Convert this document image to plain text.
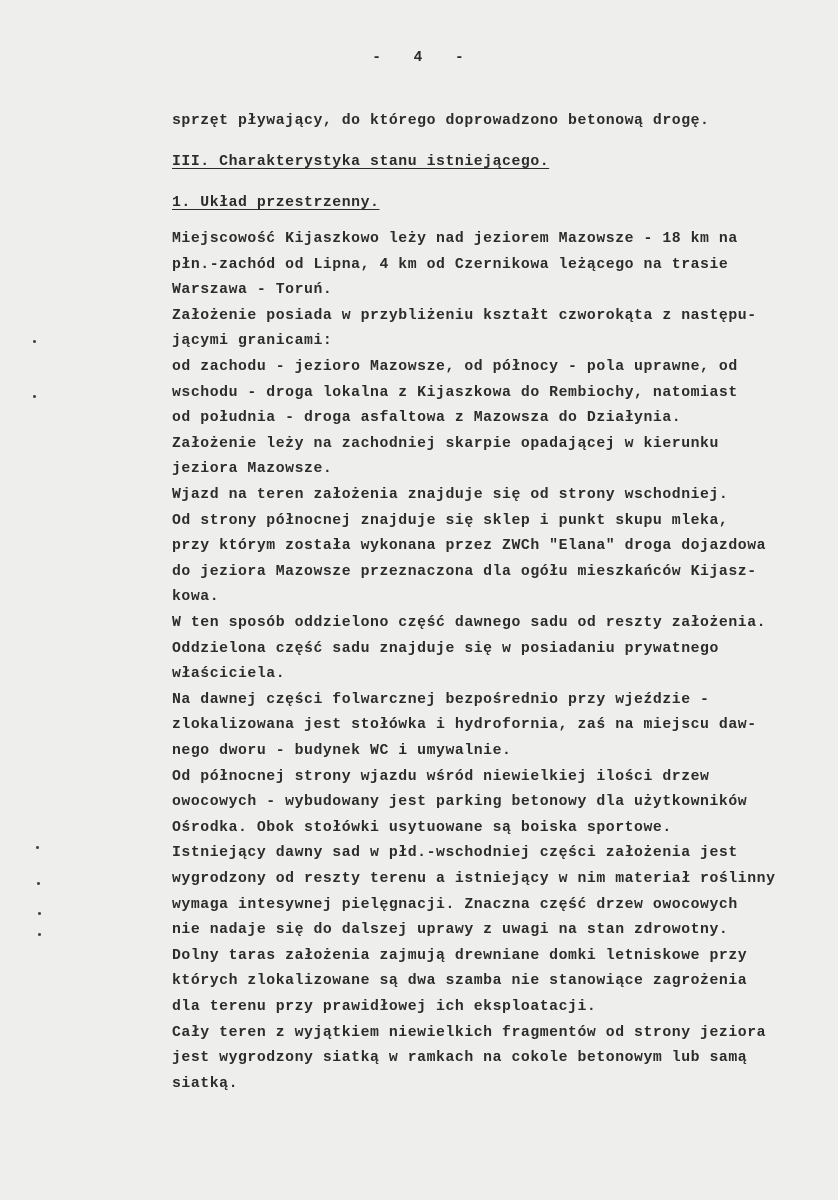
- 4 -
sprzęt pływający, do którego doprowadzono betonową drogę.
III. Charakterystyka stanu istniejącego.
1. Układ przestrzenny.
Miejscowość Kijaszkowo leży nad jeziorem Mazowsze - 18 km na
płn.-zachód od Lipna, 4 km od Czernikowa leżącego na trasie
Warszawa - Toruń.
Założenie posiada w przybliżeniu kształt czworokąta z następu-
jącymi granicami:
od zachodu - jezioro Mazowsze, od północy - pola uprawne, od
wschodu - droga lokalna z Kijaszkowa do Rembiochy, natomiast
od południa - droga asfaltowa z Mazowsza do Działynia.
Założenie leży na zachodniej skarpie opadającej w kierunku
jeziora Mazowsze.
Wjazd na teren założenia znajduje się od strony wschodniej.
Od strony północnej znajduje się sklep i punkt skupu mleka,
przy którym została wykonana przez ZWCh "Elana" droga dojazdowa
do jeziora Mazowsze przeznaczona dla ogółu mieszkańców Kijasz-
kowa.
W ten sposób oddzielono część dawnego sadu od reszty założenia.
Oddzielona część sadu znajduje się w posiadaniu prywatnego
właściciela.
Na dawnej części folwarcznej bezpośrednio przy wjeździe -
zlokalizowana jest stołówka i hydrofornia, zaś na miejscu daw-
nego dworu - budynek WC i umywalnie.
Od północnej strony wjazdu wśród niewielkiej ilości drzew
owocowych - wybudowany jest parking betonowy dla użytkowników
Ośrodka. Obok stołówki usytuowane są boiska sportowe.
Istniejący dawny sad w płd.-wschodniej części założenia jest
wygrodzony od reszty terenu a istniejący w nim materiał roślinny
wymaga intesywnej pielęgnacji. Znaczna część drzew owocowych
nie nadaje się do dalszej uprawy z uwagi na stan zdrowotny.
Dolny taras założenia zajmują drewniane domki letniskowe przy
których zlokalizowane są dwa szamba nie stanowiące zagrożenia
dla terenu przy prawidłowej ich eksploatacji.
Cały teren z wyjątkiem niewielkich fragmentów od strony jeziora
jest wygrodzony siatką w ramkach na cokole betonowym lub samą
siatką.
